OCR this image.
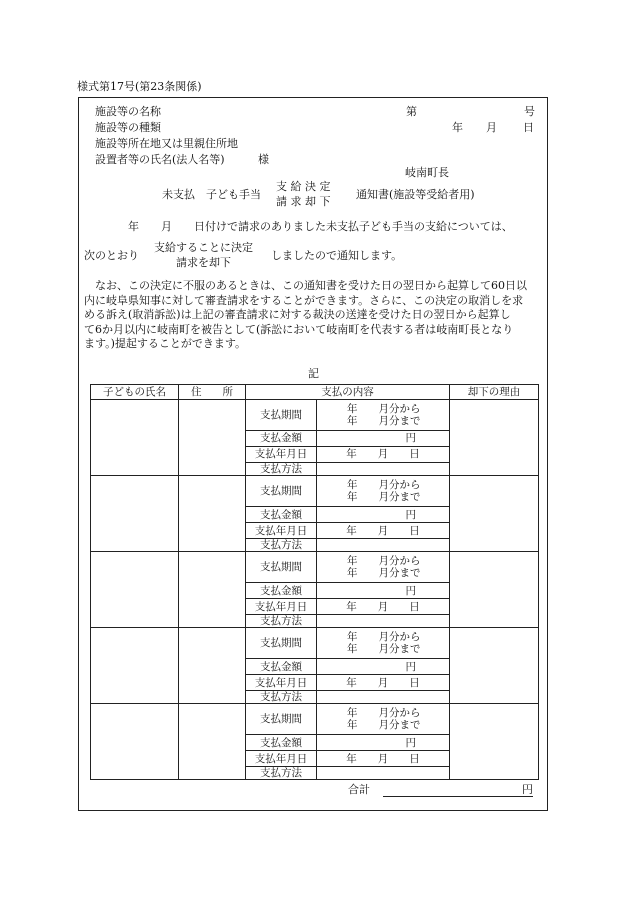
様式第17号(第23条関係)
施設等の名称
施設等の種類
施設等所在地又は里親住所地
設置者等の氏名(法人名等)	様
第	号
年 月 日
岐南町長
未支払　子ども手当
支 給 決 定
請 求 却 下
通知書(施設等受給者用)
年　　月　　日付けで請求のありました未支払子ども手当の支給については、
次のとおり
支給することに決定
請求を却下
しましたので通知します。
なお、この決定に不服のあるときは、この通知書を受けた日の翌日から起算して60日以
内に岐阜県知事に対して審査請求をすることができます。さらに、この決定の取消しを求
める訴え(取消訴訟)は上記の審査請求に対する裁決の送達を受けた日の翌日から起算し
て6か月以内に岐南町を被告として(訴訟において岐南町を代表する者は岐南町長となり
ます。)提起することができます。
記
子どもの氏名	住　　所	支払の内容		却下の理由
		支払期間	年　　月分から
年　　月分まで	

		支払金額	円	
		支払年月日	年　　月　　日	
		支払方法		
		支払期間	年　　月分から
年　　月分まで	

		支払金額	円	
		支払年月日	年　　月　　日	
		支払方法		
		支払期間	年　　月分から
年　　月分まで	

		支払金額	円	
		支払年月日	年　　月　　日	
		支払方法		
		支払期間	年　　月分から
年　　月分まで	

		支払金額	円	
		支払年月日	年　　月　　日	
		支払方法		
		支払期間	年　　月分から
年　　月分まで	

		支払金額	円	
		支払年月日	年　　月　　日	
		支払方法		
合計	円
